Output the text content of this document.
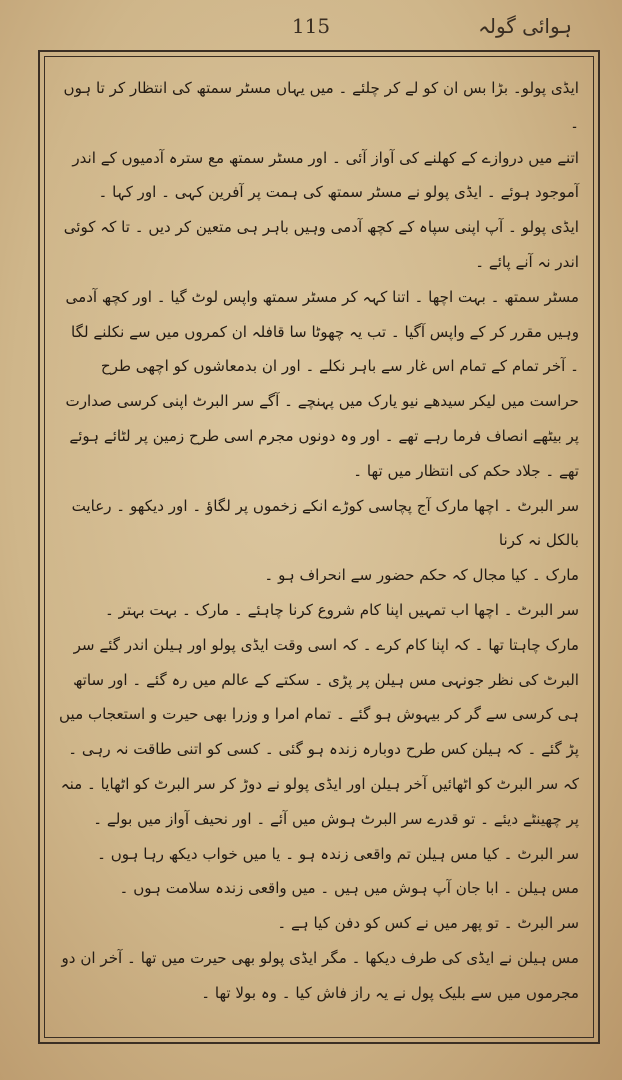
115	ہوائی گولہ

ایڈی پولو۔ بڑا بس ان کو لے کر چلئے ۔ میں یہاں مسٹر سمتھ کی انتظار کر تا ہوں ۔

اتنے میں دروازے کے کھلنے کی آواز آئی ۔ اور مسٹر سمتھ مع سترہ آدمیوں کے اندر آموجود ہوئے ۔ ایڈی پولو نے مسٹر سمتھ کی ہمت پر آفرین کہی ۔ اور کہا ۔

ایڈی پولو ۔ آپ اپنی سپاہ کے کچھ آدمی وہیں باہر ہی متعین کر دیں ۔ تا کہ کوئی اندر نہ آنے پائے ۔

مسٹر سمتھ ۔ بہت اچھا ۔ اتنا کہہ کر مسٹر سمتھ واپس لوٹ گیا ۔ اور کچھ آدمی وہیں مقرر کر کے واپس آگیا ۔ تب یہ چھوٹا سا قافلہ ان کمروں میں سے نکلنے لگا ۔ آخر تمام کے تمام اس غار سے باہر نکلے ۔ اور ان بدمعاشوں کو اچھی طرح حراست میں لیکر سیدھے نیو یارک میں پہنچے ۔ آگے سر البرٹ اپنی کرسی صدارت پر بیٹھے انصاف فرما رہے تھے ۔ اور وہ دونوں مجرم اسی طرح زمین پر لٹائے ہوئے تھے ۔ جلاد حکم کی انتظار میں تھا ۔

سر البرٹ ۔ اچھا مارک آج پچاسی کوڑے انکے زخموں پر لگاؤ ۔ اور دیکھو ۔ رعایت بالکل نہ کرنا

مارک ۔ کیا مجال کہ حکم حضور سے انحراف ہو ۔

سر البرٹ ۔ اچھا اب تمہیں اپنا کام شروع کرنا چاہئے ۔ مارک ۔ بہت بہتر ۔

مارک چاہتا تھا ۔ کہ اپنا کام کرے ۔ کہ اسی وقت ایڈی پولو اور ہیلن اندر گئے سر البرٹ کی نظر جونہی مس ہیلن پر پڑی ۔ سکتے کے عالم میں رہ گئے ۔ اور ساتھ ہی کرسی سے گر کر بیہوش ہو گئے ۔ تمام امرا و وزرا بھی حیرت و استعجاب میں پڑ گئے ۔ کہ ہیلن کس طرح دوبارہ زندہ ہو گئی ۔ کسی کو اتنی طاقت نہ رہی ۔ کہ سر البرٹ کو اٹھائیں آخر ہیلن اور ایڈی پولو نے دوڑ کر سر البرٹ کو اٹھایا ۔ منہ پر چھینٹے دیئے ۔ تو قدرے سر البرٹ ہوش میں آئے ۔ اور نحیف آواز میں بولے ۔

سر البرٹ ۔ کیا مس ہیلن تم واقعی زندہ ہو ۔ یا میں خواب دیکھ رہا ہوں ۔

مس ہیلن ۔ ابا جان آپ ہوش میں ہیں ۔ میں واقعی زندہ سلامت ہوں ۔

سر البرٹ ۔ تو پھر میں نے کس کو دفن کیا ہے ۔

مس ہیلن نے ایڈی کی طرف دیکھا ۔ مگر ایڈی پولو بھی حیرت میں تھا ۔ آخر ان دو مجرموں میں سے بلیک پول نے یہ راز فاش کیا ۔ وہ بولا تھا ۔
